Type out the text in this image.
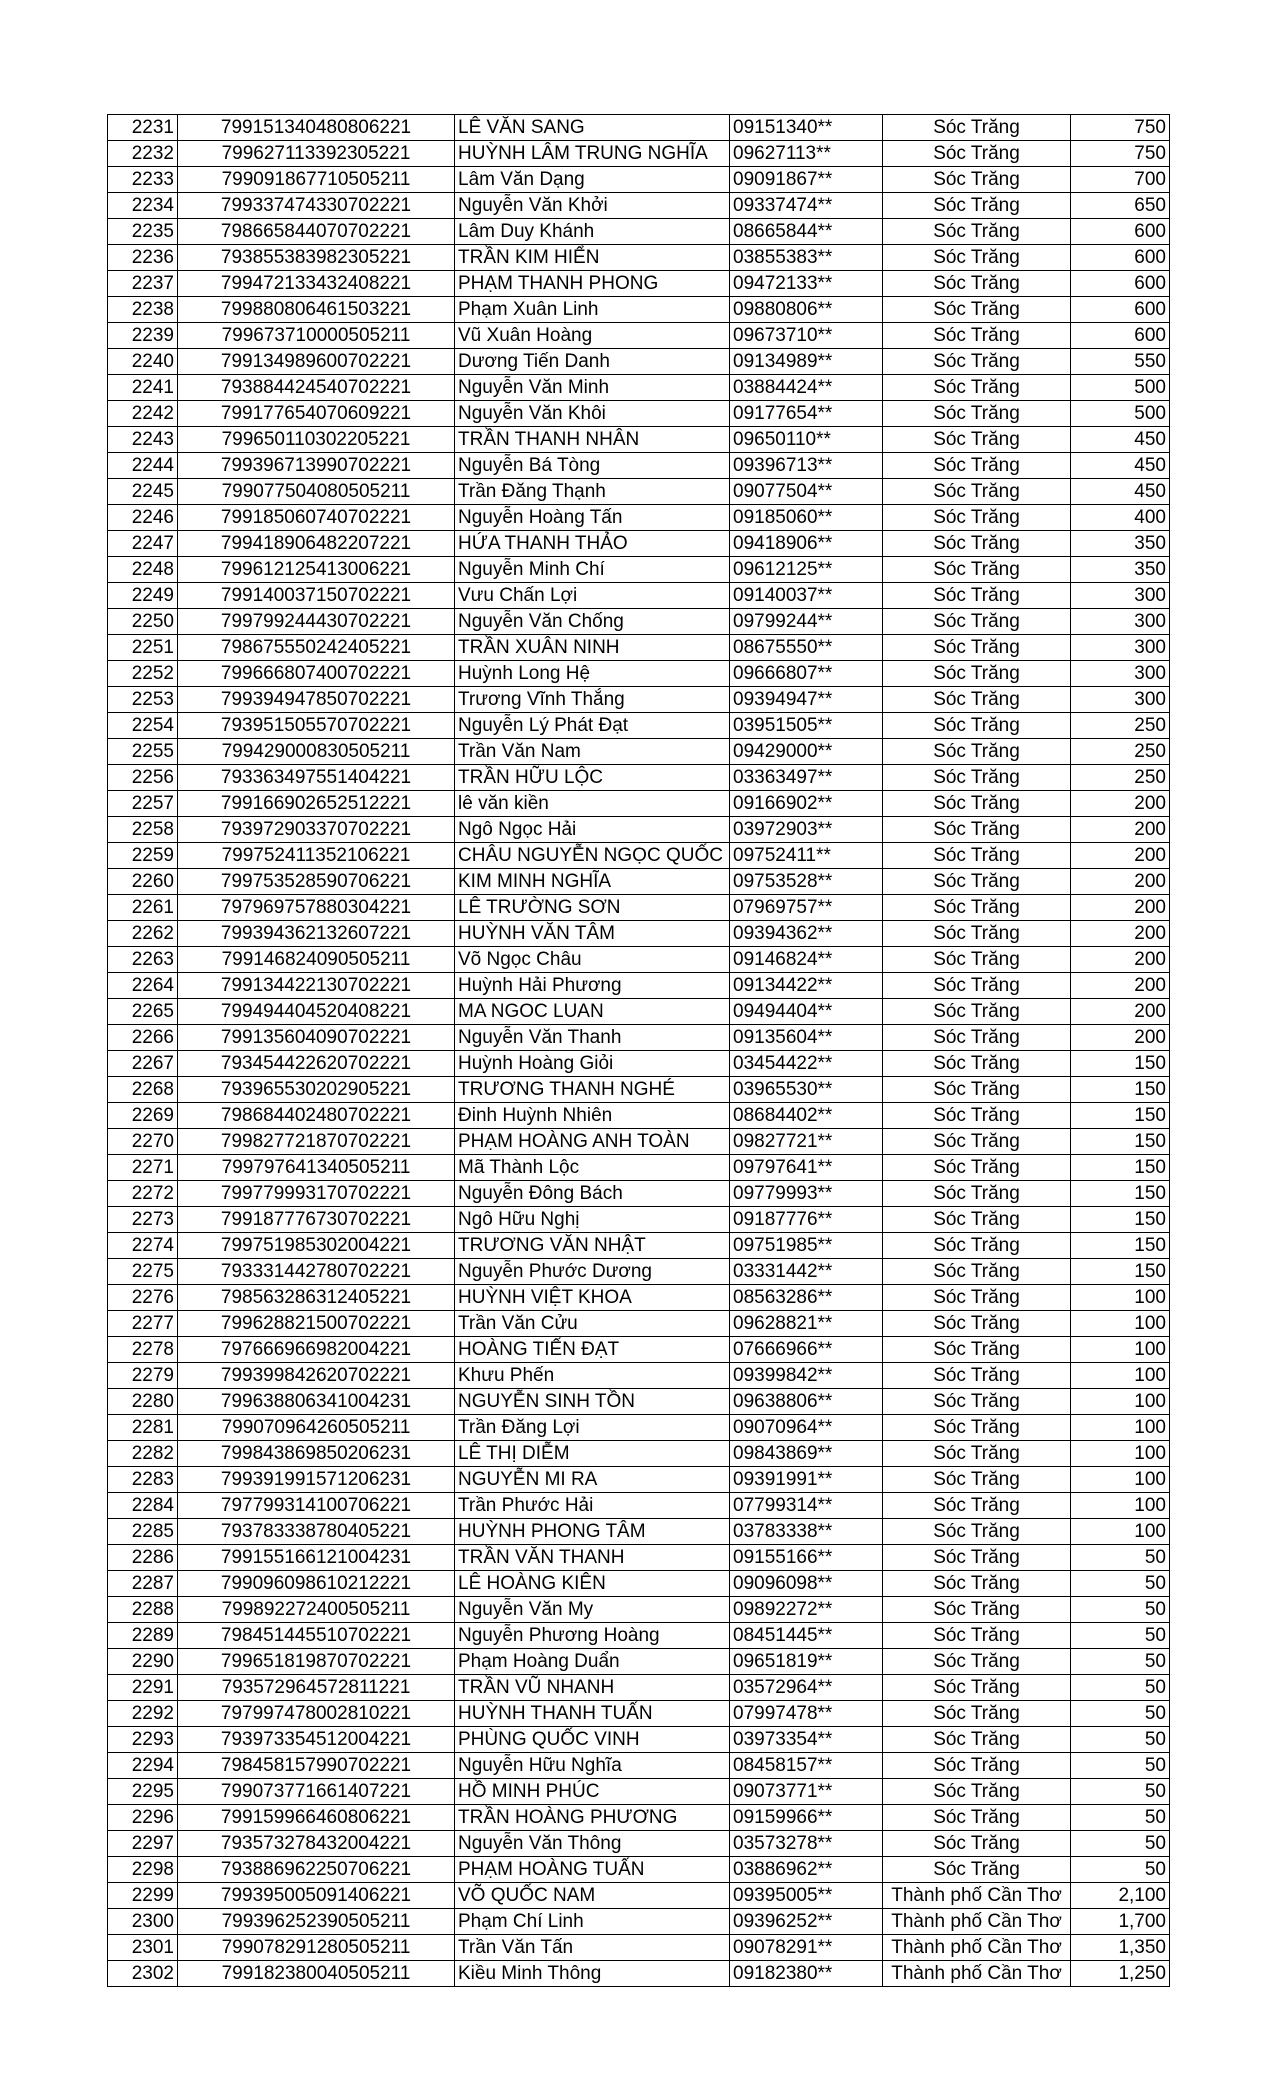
2231	799151340480806221	LÊ VĂN SANG	09151340**	Sóc Trăng	750
2232	799627113392305221	HUỲNH LÂM TRUNG NGHĨA	09627113**	Sóc Trăng	750
2233	799091867710505211	Lâm Văn Dạng	09091867**	Sóc Trăng	700
2234	799337474330702221	Nguyễn Văn Khởi	09337474**	Sóc Trăng	650
2235	798665844070702221	Lâm Duy Khánh	08665844**	Sóc Trăng	600
2236	793855383982305221	TRẦN KIM HIỂN	03855383**	Sóc Trăng	600
2237	799472133432408221	PHẠM THANH PHONG	09472133**	Sóc Trăng	600
2238	799880806461503221	Phạm Xuân Linh	09880806**	Sóc Trăng	600
2239	799673710000505211	Vũ Xuân Hoàng	09673710**	Sóc Trăng	600
2240	799134989600702221	Dương Tiến Danh	09134989**	Sóc Trăng	550
2241	793884424540702221	Nguyễn Văn Minh	03884424**	Sóc Trăng	500
2242	799177654070609221	Nguyễn Văn Khôi	09177654**	Sóc Trăng	500
2243	799650110302205221	TRẦN THANH NHÂN	09650110**	Sóc Trăng	450
2244	799396713990702221	Nguyễn Bá Tòng	09396713**	Sóc Trăng	450
2245	799077504080505211	Trần Đăng Thạnh	09077504**	Sóc Trăng	450
2246	799185060740702221	Nguyễn Hoàng Tấn	09185060**	Sóc Trăng	400
2247	799418906482207221	HỨA THANH THẢO	09418906**	Sóc Trăng	350
2248	799612125413006221	Nguyễn Minh Chí	09612125**	Sóc Trăng	350
2249	799140037150702221	Vưu Chấn Lợi	09140037**	Sóc Trăng	300
2250	799799244430702221	Nguyễn Văn Chống	09799244**	Sóc Trăng	300
2251	798675550242405221	TRẦN XUÂN NINH	08675550**	Sóc Trăng	300
2252	799666807400702221	Huỳnh Long Hệ	09666807**	Sóc Trăng	300
2253	799394947850702221	Trương Vĩnh Thắng	09394947**	Sóc Trăng	300
2254	793951505570702221	Nguyễn Lý Phát Đạt	03951505**	Sóc Trăng	250
2255	799429000830505211	Trần Văn Nam	09429000**	Sóc Trăng	250
2256	793363497551404221	TRẦN HỮU LỘC	03363497**	Sóc Trăng	250
2257	799166902652512221	lê văn kiền	09166902**	Sóc Trăng	200
2258	793972903370702221	Ngô Ngọc Hải	03972903**	Sóc Trăng	200
2259	799752411352106221	CHÂU NGUYỄN NGỌC QUỐC	09752411**	Sóc Trăng	200
2260	799753528590706221	KIM MINH NGHĨA	09753528**	Sóc Trăng	200
2261	797969757880304221	LÊ TRƯỜNG SƠN	07969757**	Sóc Trăng	200
2262	799394362132607221	HUỲNH VĂN TÂM	09394362**	Sóc Trăng	200
2263	799146824090505211	Võ Ngọc Châu	09146824**	Sóc Trăng	200
2264	799134422130702221	Huỳnh Hải Phương	09134422**	Sóc Trăng	200
2265	799494404520408221	MA NGOC LUAN	09494404**	Sóc Trăng	200
2266	799135604090702221	Nguyễn Văn Thanh	09135604**	Sóc Trăng	200
2267	793454422620702221	Huỳnh Hoàng Giỏi	03454422**	Sóc Trăng	150
2268	793965530202905221	TRƯƠNG THANH NGHÉ	03965530**	Sóc Trăng	150
2269	798684402480702221	Đinh Huỳnh Nhiên	08684402**	Sóc Trăng	150
2270	799827721870702221	PHẠM HOÀNG ANH TOÀN	09827721**	Sóc Trăng	150
2271	799797641340505211	Mã Thành Lộc	09797641**	Sóc Trăng	150
2272	799779993170702221	Nguyễn Đông Bách	09779993**	Sóc Trăng	150
2273	799187776730702221	Ngô Hữu Nghị	09187776**	Sóc Trăng	150
2274	799751985302004221	TRƯƠNG VĂN NHẬT	09751985**	Sóc Trăng	150
2275	793331442780702221	Nguyễn Phước Dương	03331442**	Sóc Trăng	150
2276	798563286312405221	HUỲNH VIỆT KHOA	08563286**	Sóc Trăng	100
2277	799628821500702221	Trần Văn Cửu	09628821**	Sóc Trăng	100
2278	797666966982004221	HOÀNG TIẾN ĐẠT	07666966**	Sóc Trăng	100
2279	799399842620702221	Khưu Phến	09399842**	Sóc Trăng	100
2280	799638806341004231	NGUYỄN SINH TỒN	09638806**	Sóc Trăng	100
2281	799070964260505211	Trần Đăng Lợi	09070964**	Sóc Trăng	100
2282	799843869850206231	LÊ THỊ DIỄM	09843869**	Sóc Trăng	100
2283	799391991571206231	NGUYỄN MI RA	09391991**	Sóc Trăng	100
2284	797799314100706221	Trần Phước Hải	07799314**	Sóc Trăng	100
2285	793783338780405221	HUỲNH PHONG TÂM	03783338**	Sóc Trăng	100
2286	799155166121004231	TRẦN VĂN THANH	09155166**	Sóc Trăng	50
2287	799096098610212221	LÊ HOÀNG KIÊN	09096098**	Sóc Trăng	50
2288	799892272400505211	Nguyễn Văn My	09892272**	Sóc Trăng	50
2289	798451445510702221	Nguyễn Phương Hoàng	08451445**	Sóc Trăng	50
2290	799651819870702221	Phạm Hoàng Duẩn	09651819**	Sóc Trăng	50
2291	793572964572811221	TRẦN VŨ NHANH	03572964**	Sóc Trăng	50
2292	797997478002810221	HUỲNH THANH TUẤN	07997478**	Sóc Trăng	50
2293	793973354512004221	PHÙNG QUỐC VINH	03973354**	Sóc Trăng	50
2294	798458157990702221	Nguyễn Hữu Nghĩa	08458157**	Sóc Trăng	50
2295	799073771661407221	HỒ MINH PHÚC	09073771**	Sóc Trăng	50
2296	799159966460806221	TRẦN HOÀNG PHƯƠNG	09159966**	Sóc Trăng	50
2297	793573278432004221	Nguyễn Văn Thông	03573278**	Sóc Trăng	50
2298	793886962250706221	PHẠM HOÀNG TUẤN	03886962**	Sóc Trăng	50
2299	799395005091406221	VÕ QUỐC NAM	09395005**	Thành phố Cần Thơ	2,100
2300	799396252390505211	Phạm Chí Linh	09396252**	Thành phố Cần Thơ	1,700
2301	799078291280505211	Trần Văn Tấn	09078291**	Thành phố Cần Thơ	1,350
2302	799182380040505211	Kiều Minh Thông	09182380**	Thành phố Cần Thơ	1,250
